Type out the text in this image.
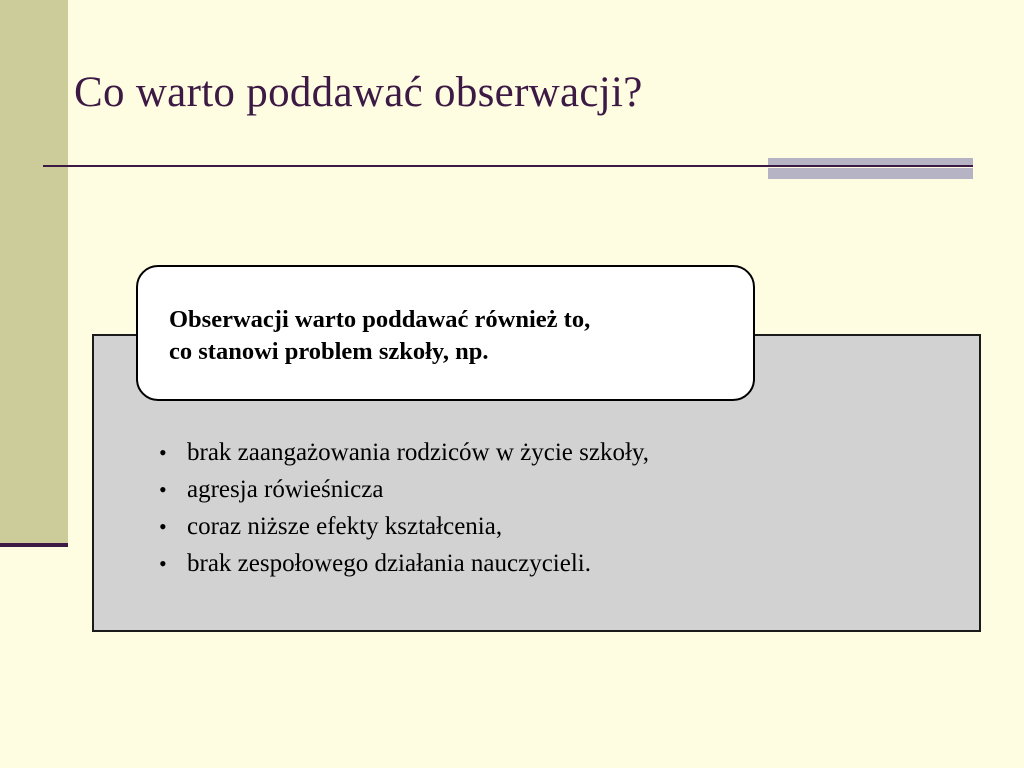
Co warto poddawać obserwacji?
Obserwacji warto poddawać również to,
co stanowi problem szkoły, np.
• brak zaangażowania rodziców w życie szkoły,
• agresja rówieśnicza
• coraz niższe efekty kształcenia,
• brak zespołowego działania nauczycieli.
